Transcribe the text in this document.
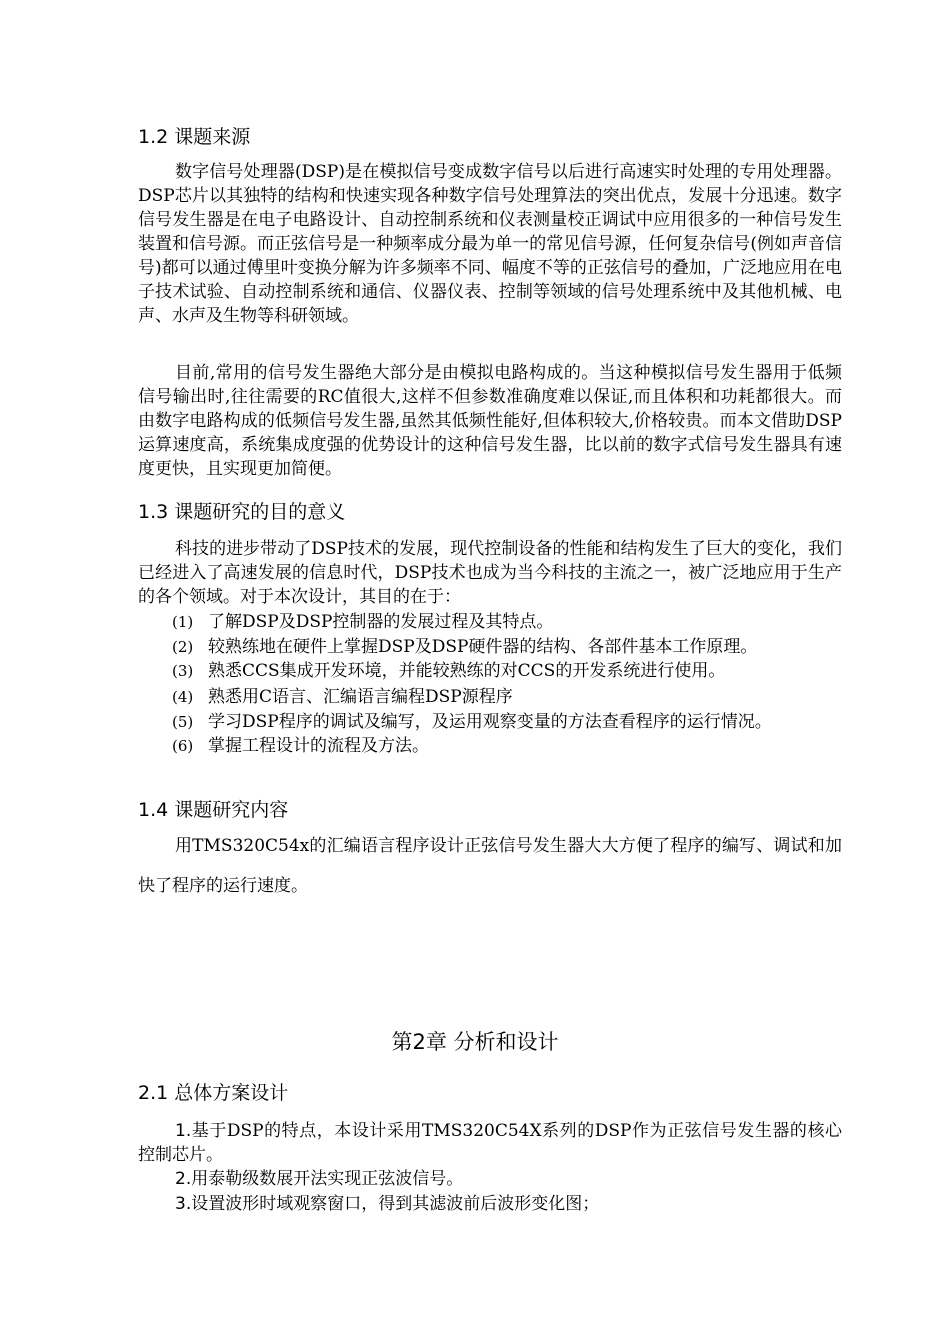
1.2 课题来源

数字信号处理器(DSP)是在模拟信号变成数字信号以后进行高速实时处理的专用处理器。DSP芯片以其独特的结构和快速实现各种数字信号处理算法的突出优点，发展十分迅速。数字信号发生器是在电子电路设计、自动控制系统和仪表测量校正调试中应用很多的一种信号发生装置和信号源。而正弦信号是一种频率成分最为单一的常见信号源，任何复杂信号(例如声音信号)都可以通过傅里叶变换分解为许多频率不同、幅度不等的正弦信号的叠加，广泛地应用在电子技术试验、自动控制系统和通信、仪器仪表、控制等领域的信号处理系统中及其他机械、电声、水声及生物等科研领域。

目前,常用的信号发生器绝大部分是由模拟电路构成的。当这种模拟信号发生器用于低频信号输出时,往往需要的RC值很大,这样不但参数准确度难以保证,而且体积和功耗都很大。而由数字电路构成的低频信号发生器,虽然其低频性能好,但体积较大,价格较贵。而本文借助DSP运算速度高，系统集成度强的优势设计的这种信号发生器，比以前的数字式信号发生器具有速度更快，且实现更加简便。

1.3 课题研究的目的意义

科技的进步带动了DSP技术的发展，现代控制设备的性能和结构发生了巨大的变化，我们已经进入了高速发展的信息时代，DSP技术也成为当今科技的主流之一，被广泛地应用于生产的各个领域。对于本次设计，其目的在于：

(1) 了解DSP及DSP控制器的发展过程及其特点。
(2) 较熟练地在硬件上掌握DSP及DSP硬件器的结构、各部件基本工作原理。
(3) 熟悉CCS集成开发环境，并能较熟练的对CCS的开发系统进行使用。
(4) 熟悉用C语言、汇编语言编程DSP源程序
(5) 学习DSP程序的调试及编写，及运用观察变量的方法查看程序的运行情况。
(6) 掌握工程设计的流程及方法。
1.4 课题研究内容

用TMS320C54x的汇编语言程序设计正弦信号发生器大大方便了程序的编写、调试和加快了程序的运行速度。

第2章 分析和设计
2.1 总体方案设计
1.基于DSP的特点，本设计采用TMS320C54X系列的DSP作为正弦信号发生器的核心控制芯片。
2.用泰勒级数展开法实现正弦波信号。
3.设置波形时域观察窗口，得到其滤波前后波形变化图；
